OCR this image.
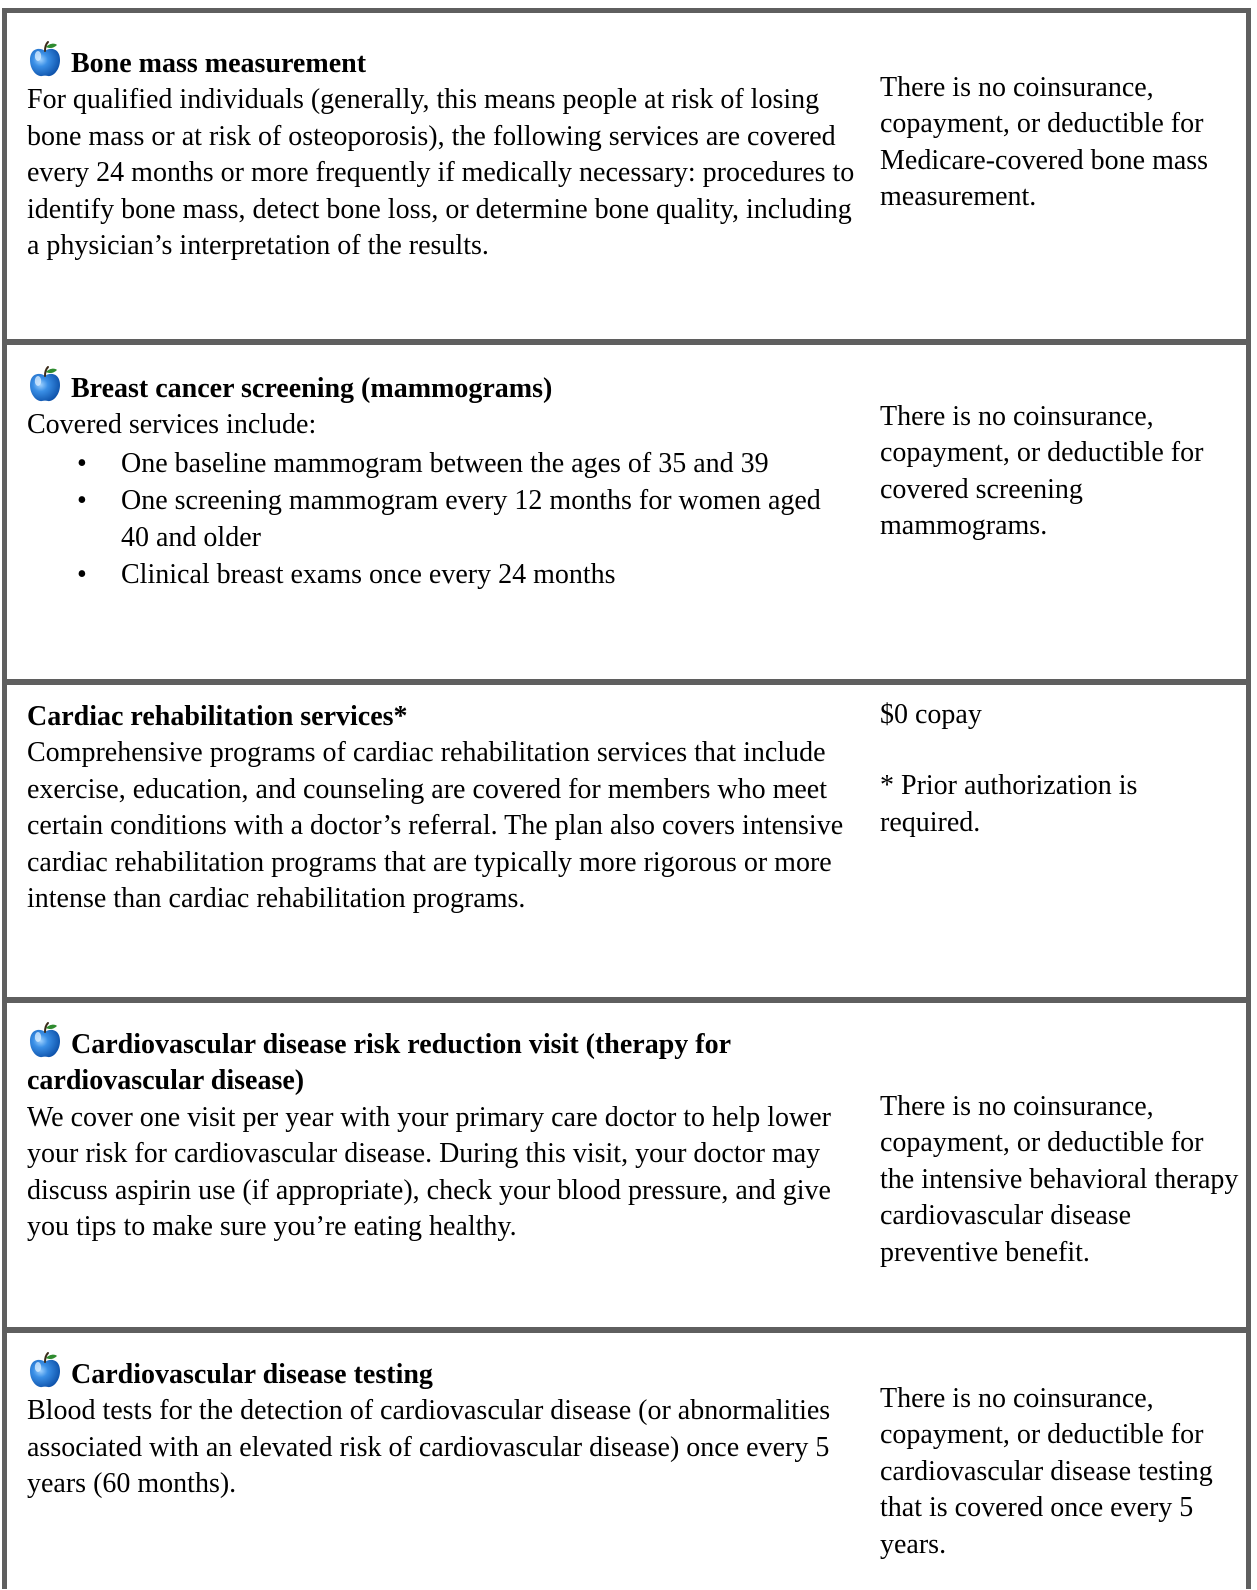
Bone mass measurement
For qualified individuals (generally, this means people at risk of losing bone mass or at risk of osteoporosis), the following services are covered every 24 months or more frequently if medically necessary: procedures to identify bone mass, detect bone loss, or determine bone quality, including a physician’s interpretation of the results.
There is no coinsurance, copayment, or deductible for Medicare-covered bone mass measurement.
Breast cancer screening (mammograms)
Covered services include:
• One baseline mammogram between the ages of 35 and 39
• One screening mammogram every 12 months for women aged 40 and older
• Clinical breast exams once every 24 months
There is no coinsurance, copayment, or deductible for covered screening mammograms.
Cardiac rehabilitation services*
Comprehensive programs of cardiac rehabilitation services that include exercise, education, and counseling are covered for members who meet certain conditions with a doctor’s referral. The plan also covers intensive cardiac rehabilitation programs that are typically more rigorous or more intense than cardiac rehabilitation programs.
$0 copay
* Prior authorization is required.
Cardiovascular disease risk reduction visit (therapy for cardiovascular disease)
We cover one visit per year with your primary care doctor to help lower your risk for cardiovascular disease. During this visit, your doctor may discuss aspirin use (if appropriate), check your blood pressure, and give you tips to make sure you’re eating healthy.
There is no coinsurance, copayment, or deductible for the intensive behavioral therapy cardiovascular disease preventive benefit.
Cardiovascular disease testing
Blood tests for the detection of cardiovascular disease (or abnormalities associated with an elevated risk of cardiovascular disease) once every 5 years (60 months).
There is no coinsurance, copayment, or deductible for cardiovascular disease testing that is covered once every 5 years.
